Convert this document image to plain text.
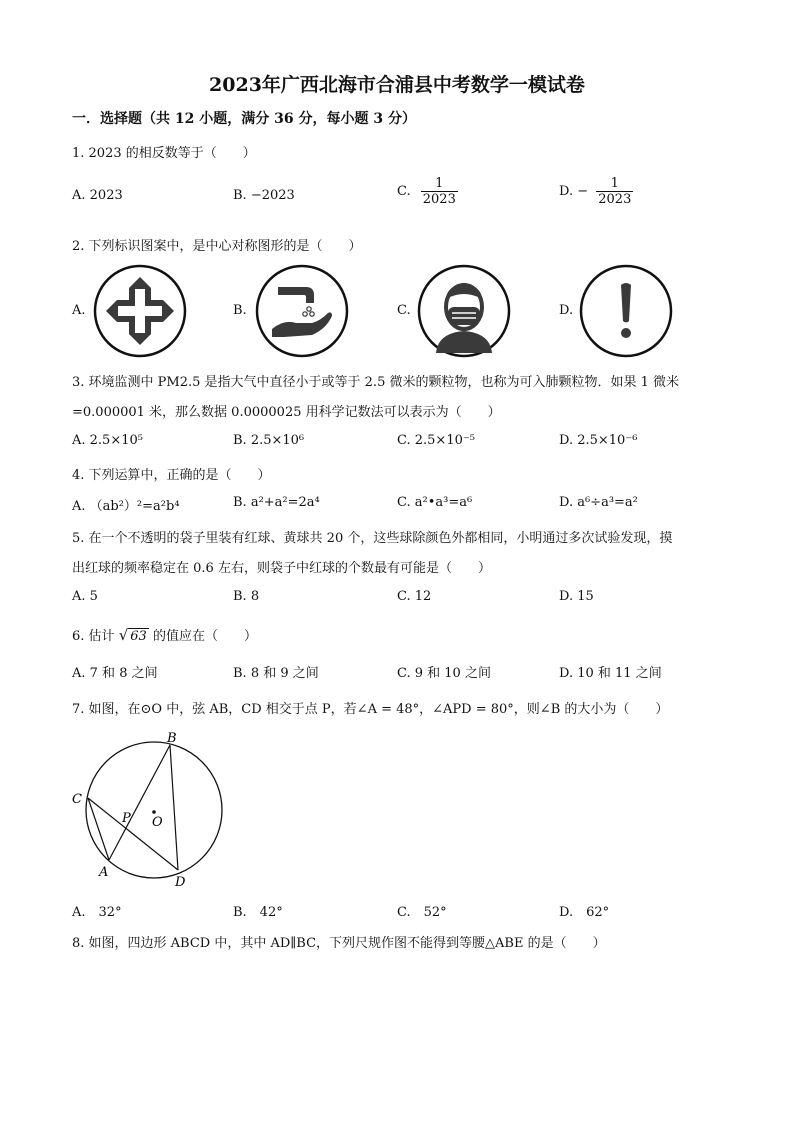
2023年广西北海市合浦县中考数学一模试卷
一．选择题（共 12 小题，满分 36 分，每小题 3 分）
1. 2023 的相反数等于（　　）
A. 2023	B. −2023	C. $\frac{1}{2023}$	D. − $\frac{1}{2023}$
2. 下列标识图案中，是中心对称图形的是（　　）
A.	B.	C.	D.
3. 环境监测中 PM2.5 是指大气中直径小于或等于 2.5 微米的颗粒物，也称为可入肺颗粒物．如果 1 微米
=0.000001 米，那么数据 0.0000025 用科学记数法可以表示为（　　）
A. 2.5×10⁵	B. 2.5×10⁶	C. 2.5×10⁻⁵	D. 2.5×10⁻⁶
4. 下列运算中，正确的是（　　）
A. （ab²）²=a²b⁴	B. a²+a²=2a⁴	C. a²•a³=a⁶	D. a⁶÷a³=a²
5. 在一个不透明的袋子里装有红球、黄球共 20 个，这些球除颜色外都相同，小明通过多次试验发现，摸
出红球的频率稳定在 0.6 左右，则袋子中红球的个数最有可能是（　　）
A. 5	B. 8	C. 12	D. 15
6. 估计 √ 63 的值应在（　　）
A. 7 和 8 之间	B. 8 和 9 之间	C. 9 和 10 之间	D. 10 和 11 之间
7. 如图，在⊙O 中，弦 AB，CD 相交于点 P，若∠A = 48°，∠APD = 80°，则∠B 的大小为（　　）
B
C
P O
A
D
A.　32°	B.　42°	C.　52°	D.　62°
8. 如图，四边形 ABCD 中，其中 AD∥BC，下列尺规作图不能得到等腰△ABE 的是（　　）
